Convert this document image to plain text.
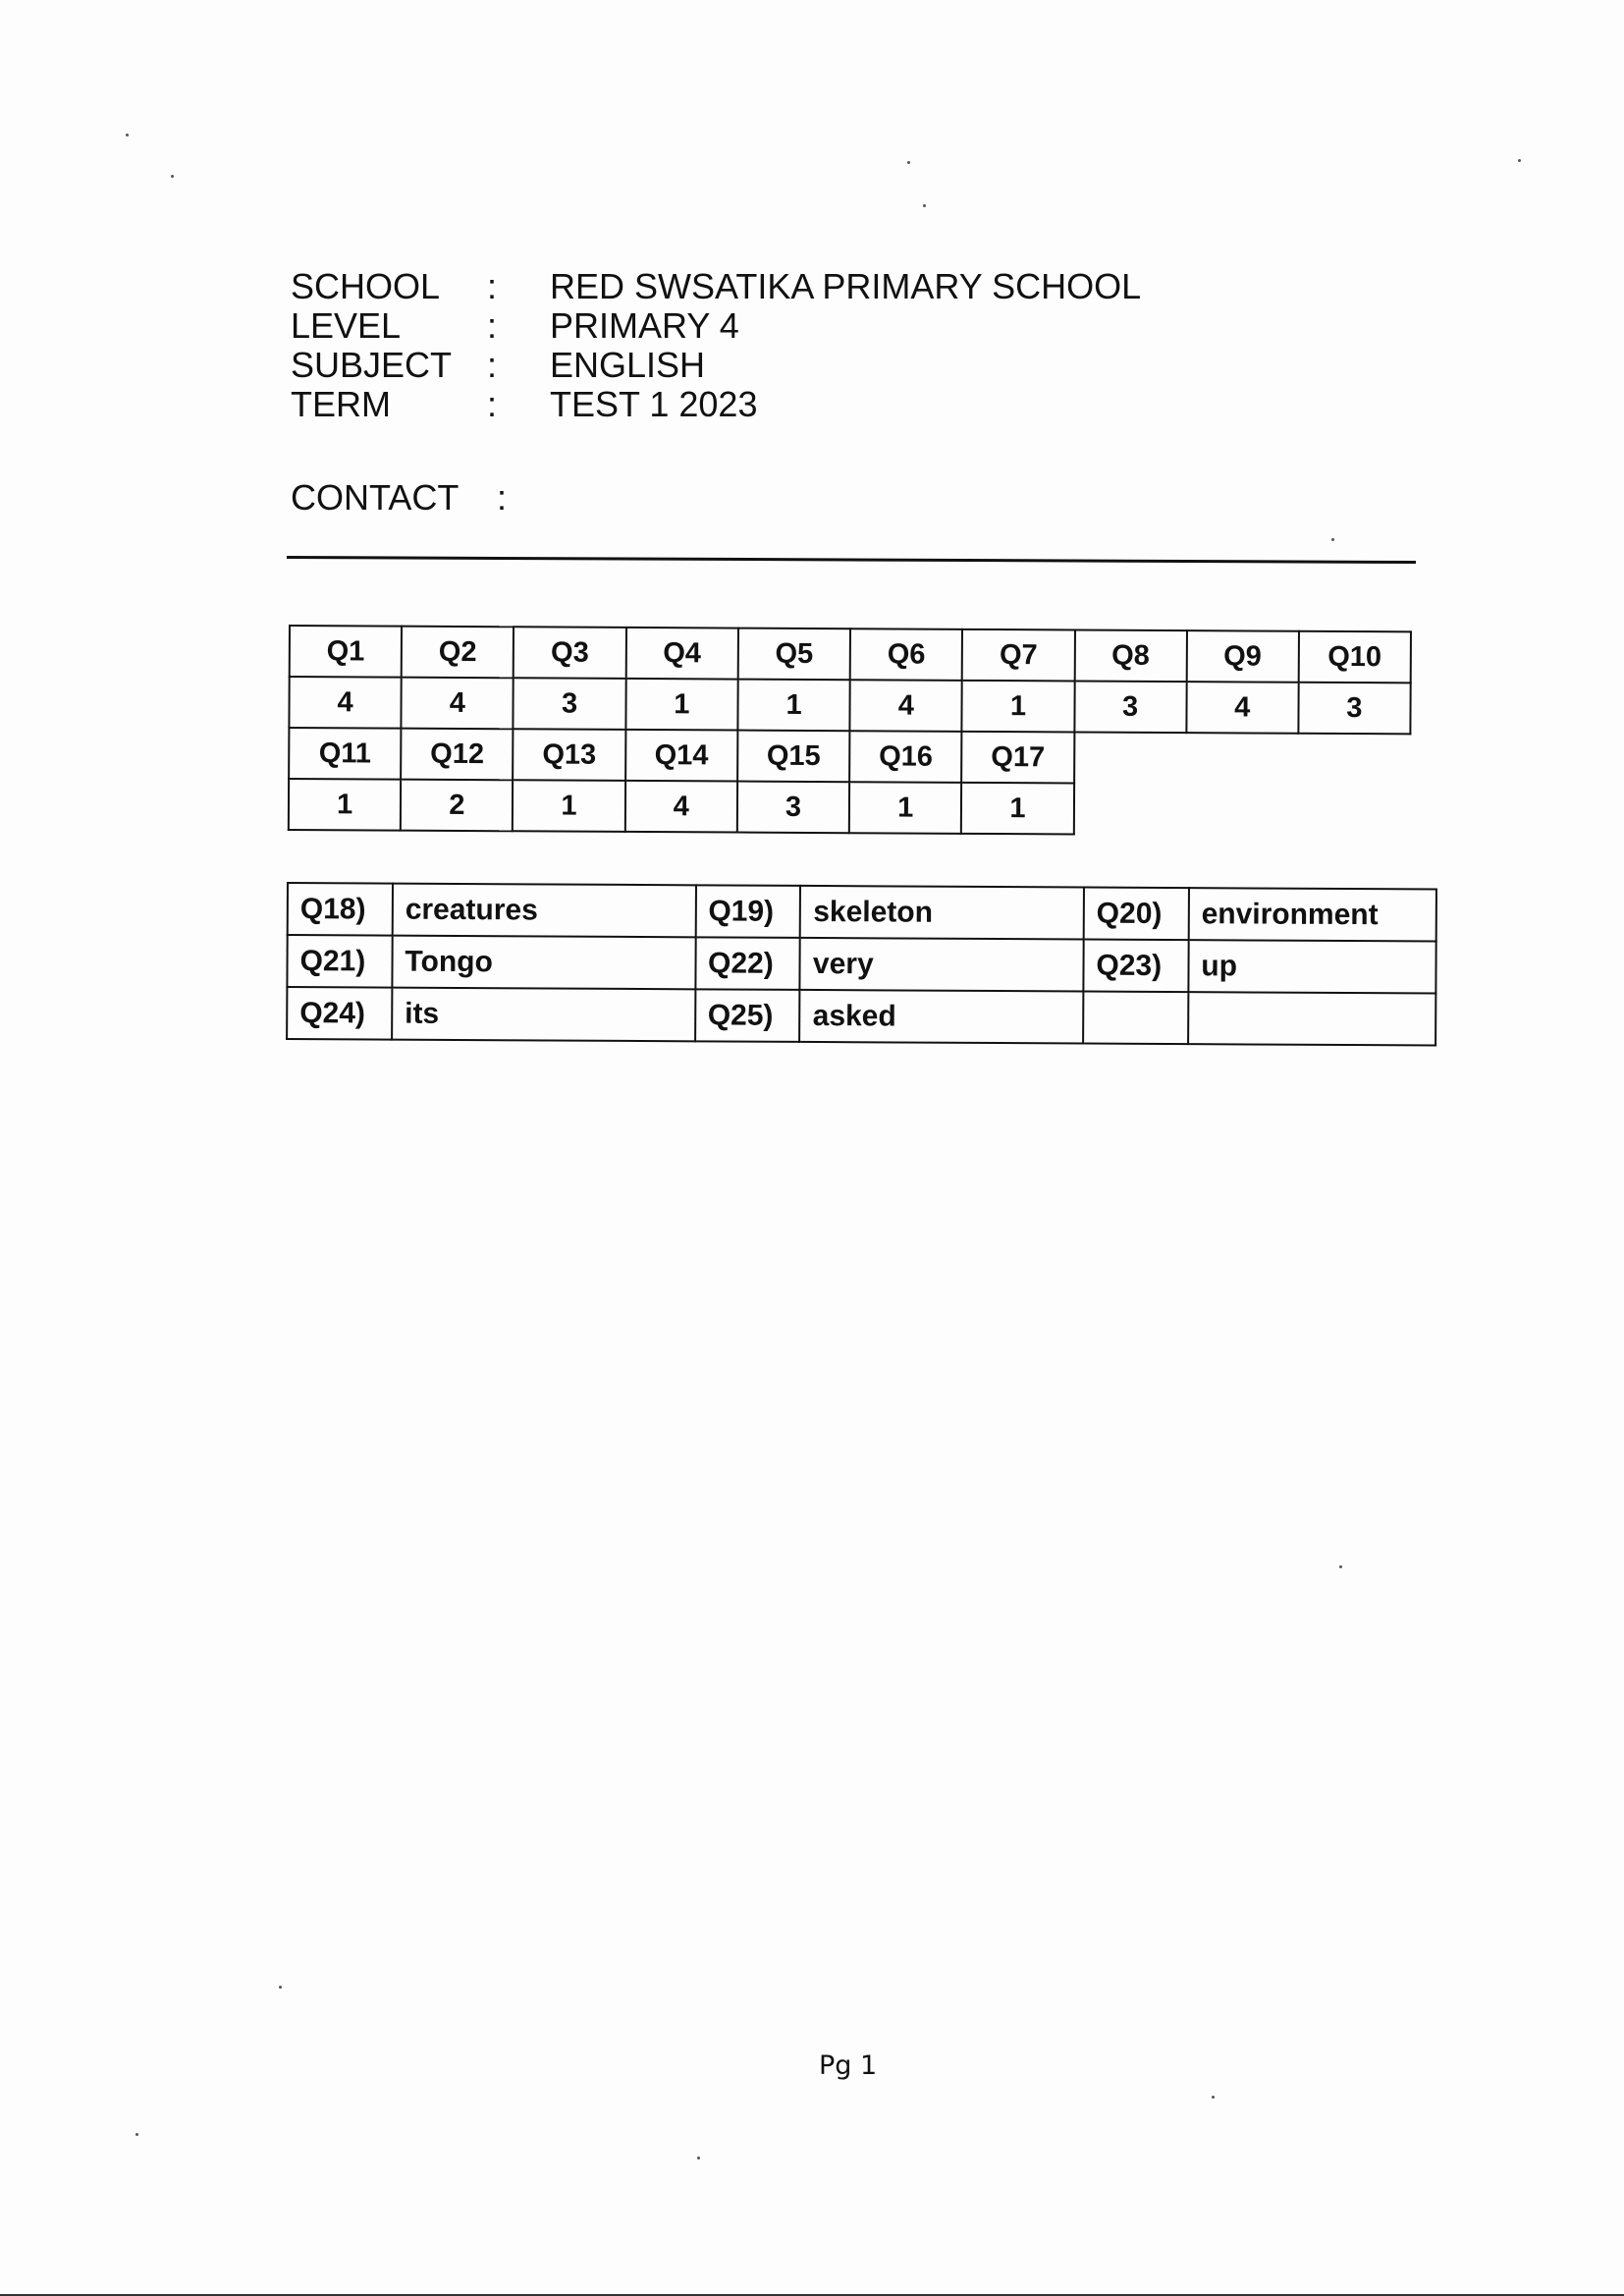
SCHOOL	:	RED SWSATIKA PRIMARY SCHOOL
LEVEL	:	PRIMARY 4
SUBJECT :	ENGLISH
TERM	:	TEST 1 2023
CONTACT	:
Q1	Q2	Q3	Q4	Q5	Q6	Q7	Q8	Q9	Q10
4	4	3	1	1	4	1	3	4	3
Q11	Q12	Q13	Q14	Q15	Q16	Q17			
1	2	1	4	3	1	1			
Q18)	creatures	Q19)	skeleton	Q20)	environment
Q21)	Tongo	Q22)	very	Q23)	up
Q24)	its	Q25)	asked		
Pg 1
